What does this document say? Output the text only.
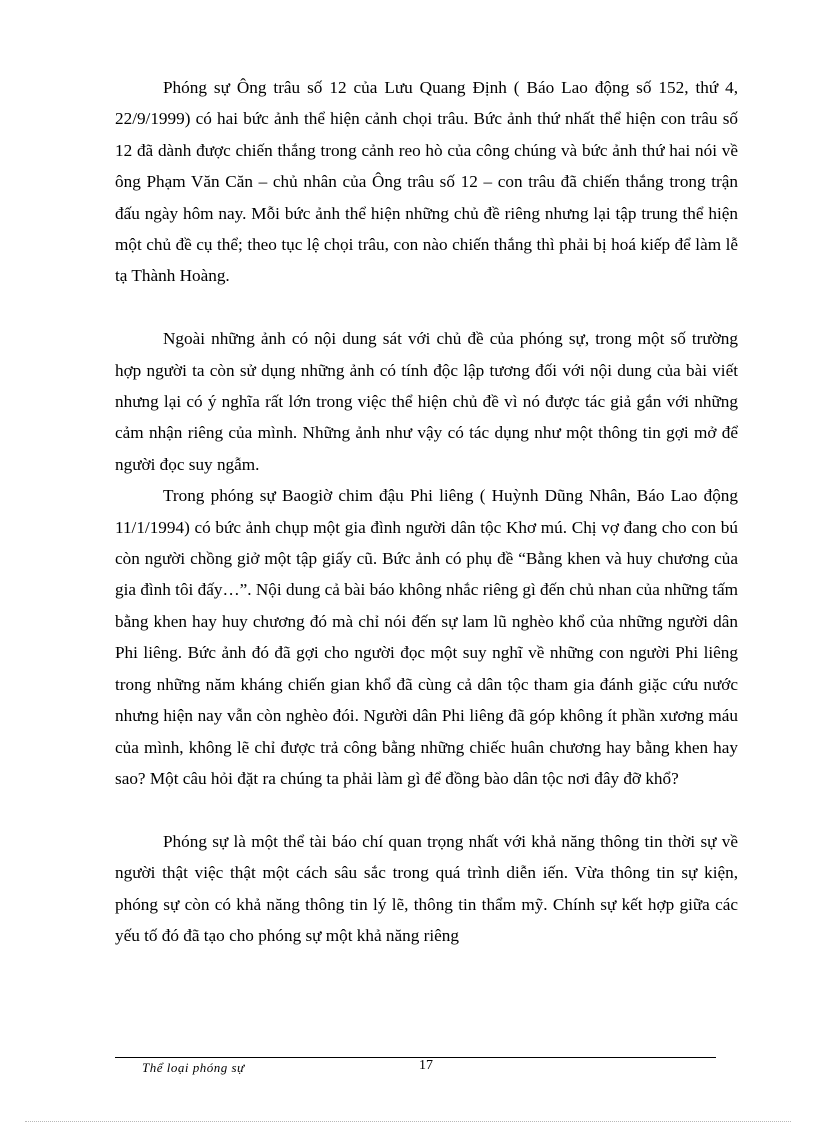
Phóng sự Ông trâu số 12 của Lưu Quang Định ( Báo Lao động số 152, thứ 4, 22/9/1999) có hai bức ảnh thể hiện cảnh chọi trâu. Bức ảnh thứ nhất thể hiện con trâu số 12 đã dành được chiến thắng trong cảnh reo hò của công chúng và bức ảnh thứ hai nói về ông Phạm Văn Căn – chủ nhân của Ông trâu số 12 – con trâu đã chiến thắng trong trận đấu ngày hôm nay. Mỗi bức ảnh thể hiện những chủ đề riêng nhưng lại tập trung thể hiện một chủ đề cụ thể; theo tục lệ chọi trâu, con nào chiến thắng thì phải bị hoá kiếp để làm lễ tạ Thành Hoàng.

Ngoài những ảnh có nội dung sát với chủ đề của phóng sự, trong một số trường hợp người ta còn sử dụng những ảnh có tính độc lập tương đối với nội dung của bài viết nhưng lại có ý nghĩa rất lớn trong việc thể hiện chủ đề vì nó được tác giả gắn với những cảm nhận riêng của mình. Những ảnh như vậy có tác dụng như một thông tin gợi mở để người đọc suy ngẫm.

Trong phóng sự Baogiờ chim đậu Phi liêng ( Huỳnh Dũng Nhân, Báo Lao động 11/1/1994) có bức ảnh chụp một gia đình người dân tộc Khơ mú. Chị vợ đang cho con bú còn người chồng giở một tập giấy cũ. Bức ảnh có phụ đề “Bằng khen và huy chương của gia đình tôi đấy…”. Nội dung cả bài báo không nhắc riêng gì đến chủ nhan của những tấm bằng khen hay huy chương đó mà chỉ nói đến sự lam lũ nghèo khổ của những người dân Phi liêng. Bức ảnh đó đã gợi cho người đọc một suy nghĩ về những con người Phi liêng trong những năm kháng chiến gian khổ đã cùng cả dân tộc tham gia đánh giặc cứu nước nhưng hiện nay vẫn còn nghèo đói. Người dân Phi liêng đã góp không ít phần xương máu của mình, không lẽ chỉ được trả công bằng những chiếc huân chương hay bằng khen hay sao? Một câu hỏi đặt ra chúng ta phải làm gì để đồng bào dân tộc nơi đây đỡ khổ?

Phóng sự là một thể tài báo chí quan trọng nhất với khả năng thông tin thời sự về người thật việc thật một cách sâu sắc trong quá trình diễn iến. Vừa thông tin sự kiện, phóng sự còn có khả năng thông tin lý lẽ, thông tin thẩm mỹ. Chính sự kết hợp giữa các yếu tố đó đã tạo cho phóng sự một khả năng riêng

Thể loại phóng sự	17
